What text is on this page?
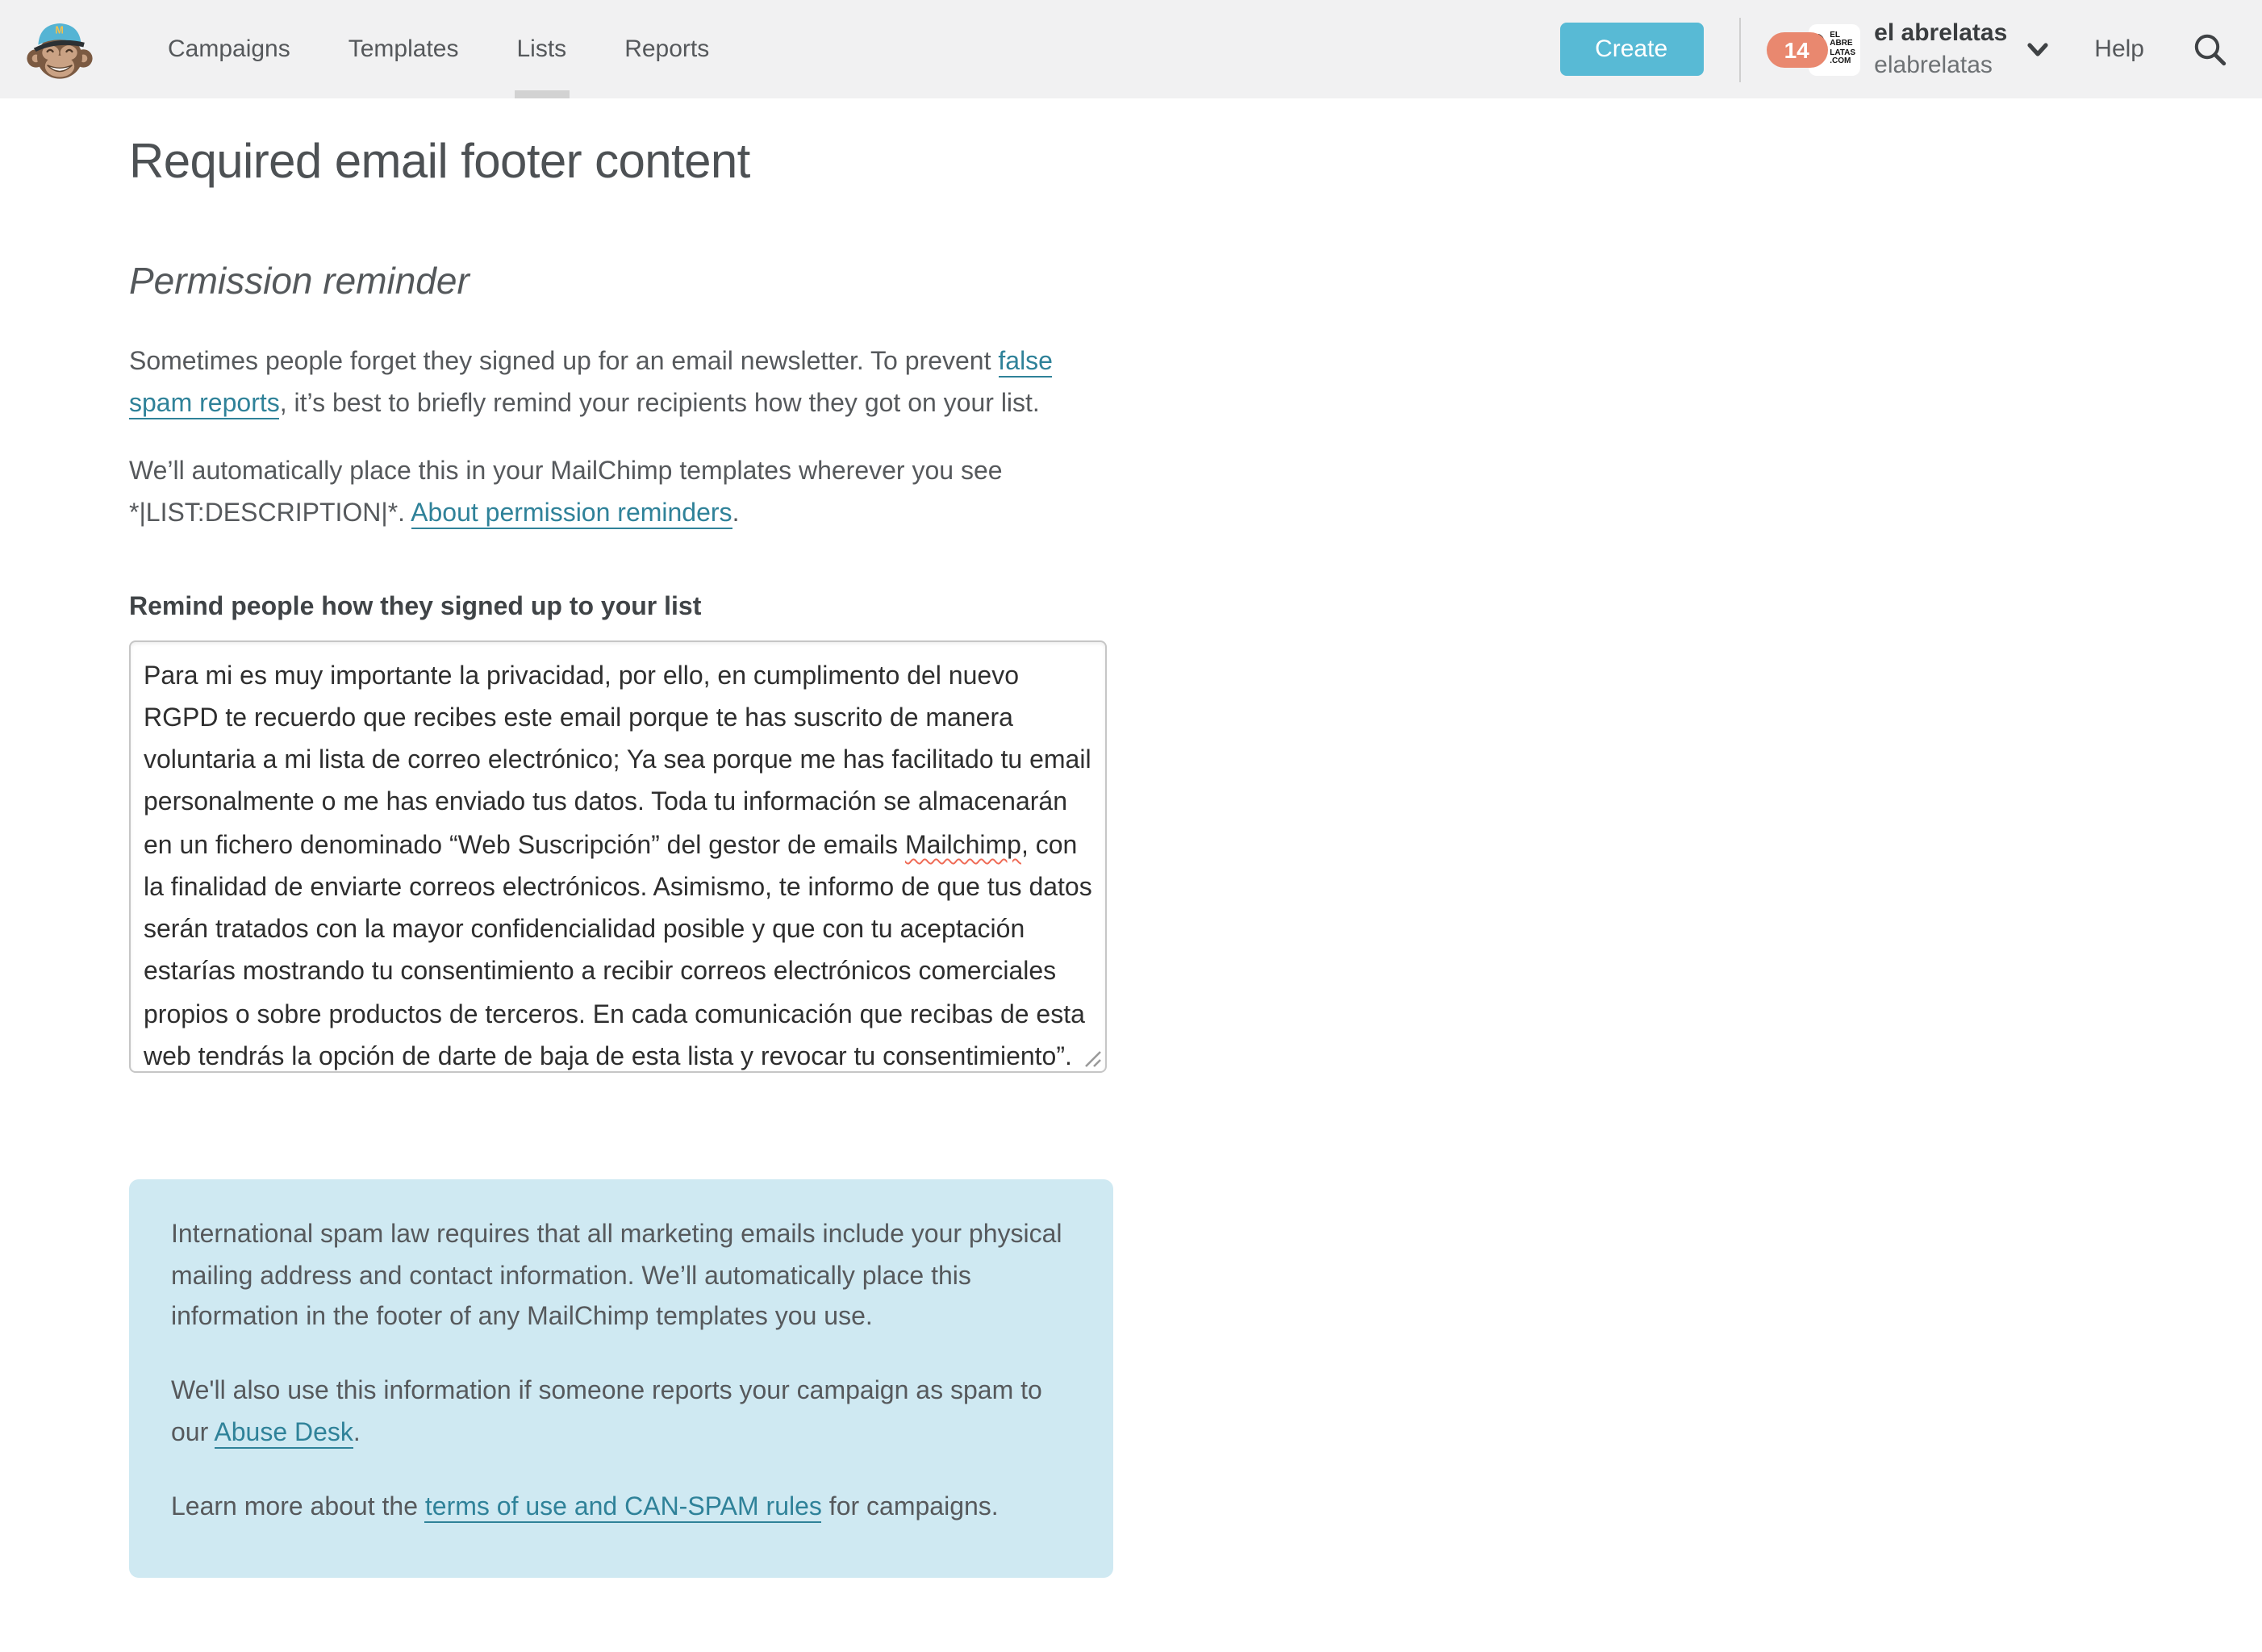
M
Campaigns	Templates	Lists	Reports	Create	14
EL
ABRE
LATAS
.COM
el abrelatas
elabrelatas
Help
Required email footer content
Permission reminder

Sometimes people forget they signed up for an email newsletter. To prevent false spam reports, it’s best to briefly remind your recipients how they got on your list.

We’ll automatically place this in your MailChimp templates wherever you see *|LIST:DESCRIPTION|*. About permission reminders.

Remind people how they signed up to your list
Para mi es muy importante la privacidad, por ello, en cumplimento del nuevo RGPD te recuerdo que recibes este email porque te has suscrito de manera voluntaria a mi lista de correo electrónico; Ya sea porque me has facilitado tu email personalmente o me has enviado tus datos. Toda tu información se almacenarán en un fichero denominado “Web Suscripción” del gestor de emails Mailchimp, con la finalidad de enviarte correos electrónicos. Asimismo, te informo de que tus datos serán tratados con la mayor confidencialidad posible y que con tu aceptación estarías mostrando tu consentimiento a recibir correos electrónicos comerciales propios o sobre productos de terceros. En cada comunicación que recibas de esta web tendrás la opción de darte de baja de esta lista y revocar tu consentimiento”.

International spam law requires that all marketing emails include your physical mailing address and contact information. We’ll automatically place this information in the footer of any MailChimp templates you use.

We'll also use this information if someone reports your campaign as spam to our Abuse Desk.

Learn more about the terms of use and CAN-SPAM rules for campaigns.
